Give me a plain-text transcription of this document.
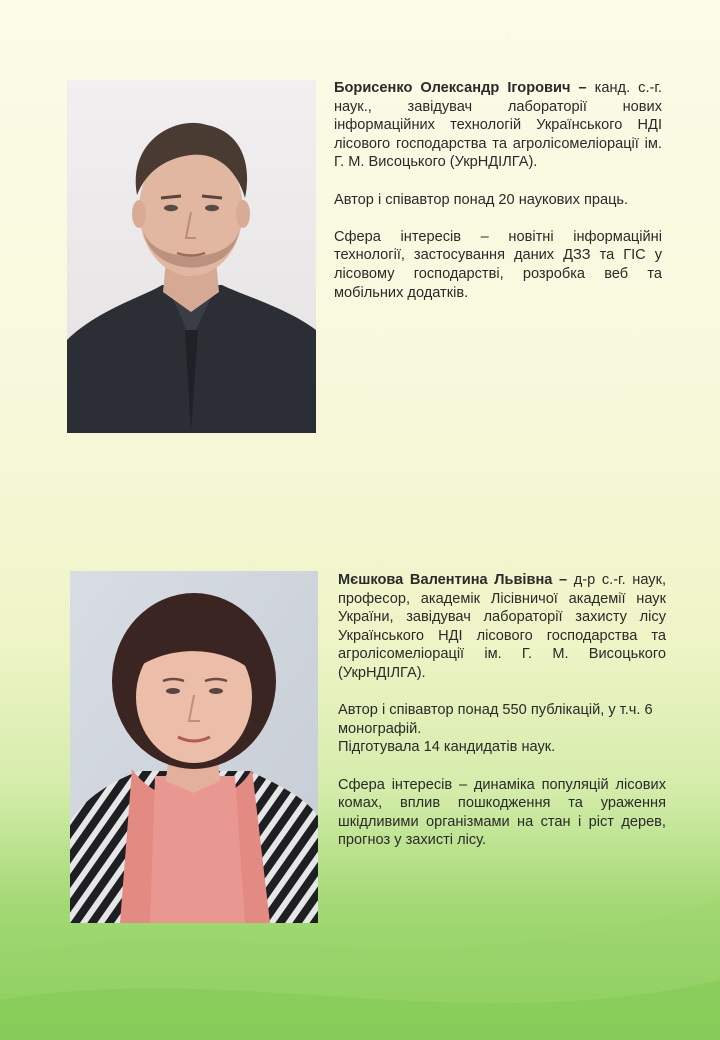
Борисенко Олександр Ігорович – канд. с.-г. наук., завідувач лабораторії нових інформаційних технологій Українського НДІ лісового господарства та агролісомеліорації ім. Г. М. Висоцького (УкрНДІЛГА).

Автор і співавтор понад 20 наукових праць.

Сфера інтересів – новітні інформаційні технології, застосування даних ДЗЗ та ГІС у лісовому господарстві, розробка веб та мобільних додатків.

Мєшкова Валентина Львівна – д-р с.-г. наук, професор, академік Лісівничої академії наук України, завідувач лабораторії захисту лісу Українського НДІ лісового господарства та агролісомеліорації ім. Г. М. Висоцького (УкрНДІЛГА).

Автор і співавтор понад 550 публікацій, у т.ч. 6 монографій.
Підготувала 14 кандидатів наук.

Сфера інтересів – динаміка популяцій лісових комах, вплив пошкодження та ураження шкідливими організмами на стан і ріст дерев, прогноз у захисті лісу.
